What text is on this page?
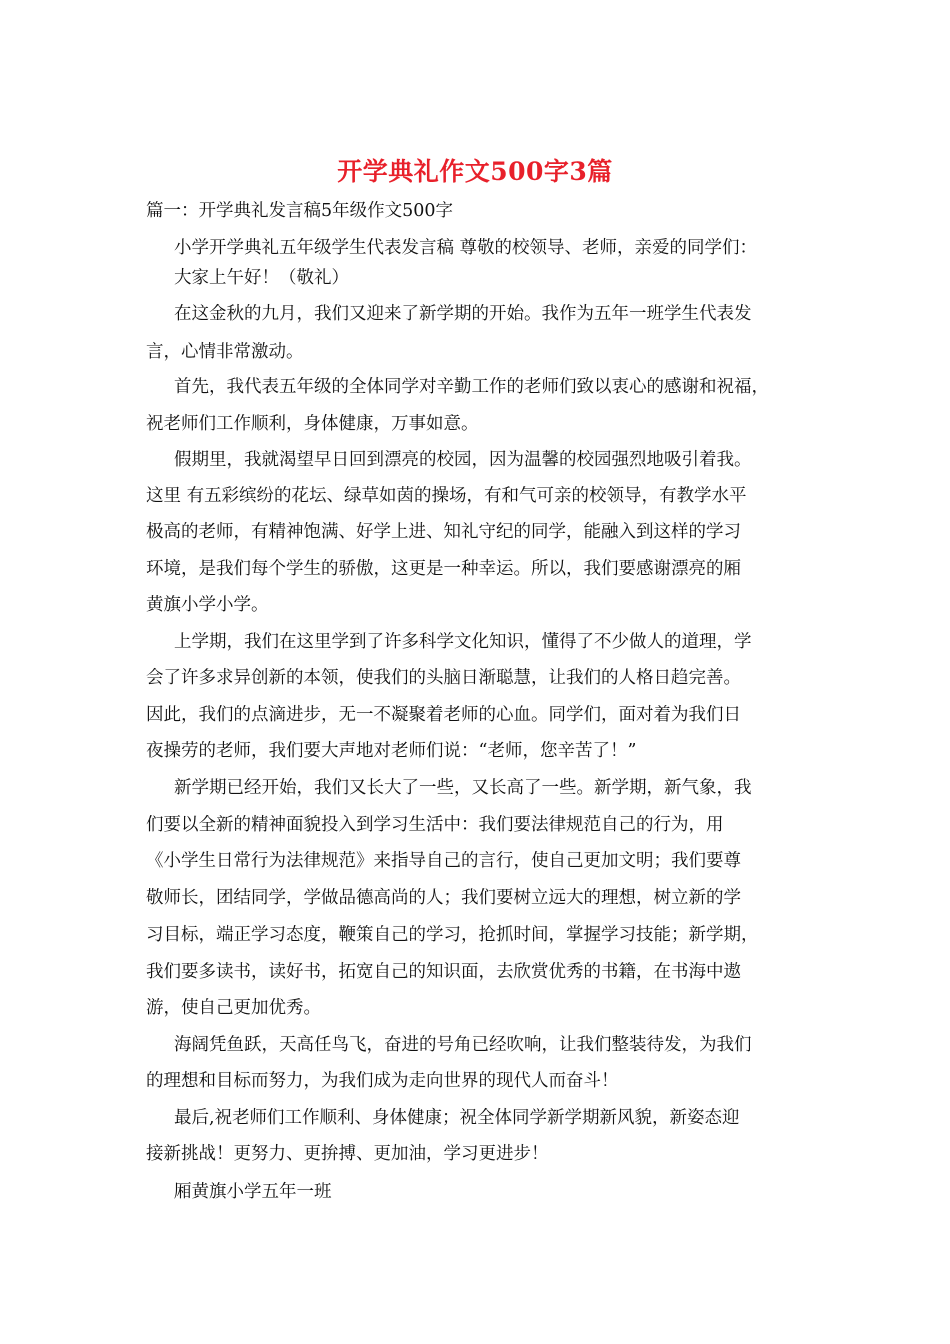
开学典礼作文500字3篇
篇一：开学典礼发言稿5年级作文500字
小学开学典礼五年级学生代表发言稿 尊敬的校领导、老师，亲爱的同学们：
大家上午好！（敬礼）
在这金秋的九月，我们又迎来了新学期的开始。我作为五年一班学生代表发
言，心情非常激动。
首先，我代表五年级的全体同学对辛勤工作的老师们致以衷心的感谢和祝福，
祝老师们工作顺利，身体健康，万事如意。
假期里，我就渴望早日回到漂亮的校园，因为温馨的校园强烈地吸引着我。
这里 有五彩缤纷的花坛、绿草如茵的操场，有和气可亲的校领导，有教学水平
极高的老师，有精神饱满、好学上进、知礼守纪的同学，能融入到这样的学习
环境，是我们每个学生的骄傲，这更是一种幸运。所以，我们要感谢漂亮的厢
黄旗小学小学。
上学期，我们在这里学到了许多科学文化知识，懂得了不少做人的道理，学
会了许多求异创新的本领，使我们的头脑日渐聪慧，让我们的人格日趋完善。
因此，我们的点滴进步，无一不凝聚着老师的心血。同学们，面对着为我们日
夜操劳的老师，我们要大声地对老师们说：“老师，您辛苦了！”
新学期已经开始，我们又长大了一些，又长高了一些。新学期，新气象，我
们要以全新的精神面貌投入到学习生活中：我们要法律规范自己的行为，用
《小学生日常行为法律规范》来指导自己的言行，使自己更加文明；我们要尊
敬师长，团结同学，学做品德高尚的人；我们要树立远大的理想，树立新的学
习目标，端正学习态度，鞭策自己的学习，抢抓时间，掌握学习技能；新学期，
我们要多读书，读好书，拓宽自己的知识面，去欣赏优秀的书籍，在书海中遨
游，使自己更加优秀。
海阔凭鱼跃，天高任鸟飞，奋进的号角已经吹响，让我们整装待发，为我们
的理想和目标而努力，为我们成为走向世界的现代人而奋斗！
最后,祝老师们工作顺利、身体健康；祝全体同学新学期新风貌，新姿态迎
接新挑战！更努力、更拚搏、更加油，学习更进步！
厢黄旗小学五年一班
